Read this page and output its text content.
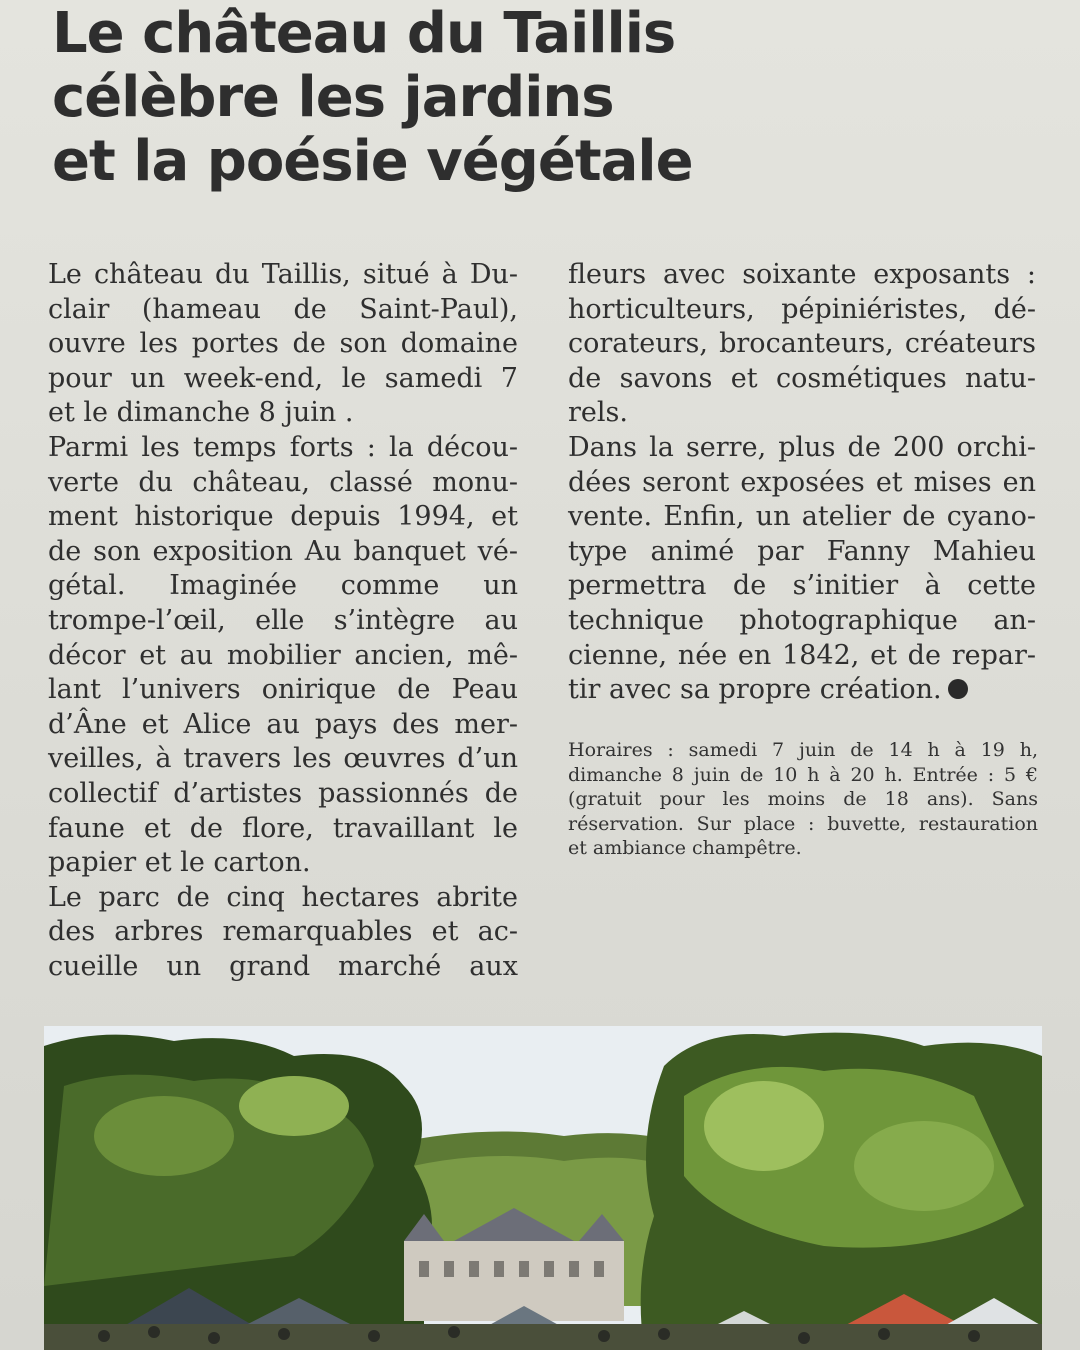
Le château du Taillis
célèbre les jardins
et la poésie végétale
Le château du Taillis, situé à Du-
clair (hameau de Saint-Paul),
ouvre les portes de son domaine
pour un week-end, le samedi 7
et le dimanche 8 juin .
Parmi les temps forts : la décou-
verte du château, classé monu-
ment historique depuis 1994, et
de son exposition Au banquet vé-
gétal. Imaginée comme un
trompe-l’œil, elle s’intègre au
décor et au mobilier ancien, mê-
lant l’univers onirique de Peau
d’Âne et Alice au pays des mer-
veilles, à travers les œuvres d’un
collectif d’artistes passionnés de
faune et de flore, travaillant le
papier et le carton.
Le parc de cinq hectares abrite
des arbres remarquables et ac-
cueille un grand marché aux
fleurs avec soixante exposants :
horticulteurs, pépiniéristes, dé-
corateurs, brocanteurs, créateurs
de savons et cosmétiques natu-
rels.
Dans la serre, plus de 200 orchi-
dées seront exposées et mises en
vente. Enfin, un atelier de cyano-
type animé par Fanny Mahieu
permettra de s’initier à cette
technique photographique an-
cienne, née en 1842, et de repar-
tir avec sa propre création.
Horaires : samedi 7 juin de 14 h à 19 h,
dimanche 8 juin de 10 h à 20 h. Entrée : 5 €
(gratuit pour les moins de 18 ans). Sans
réservation. Sur place : buvette, restauration
et ambiance champêtre.
